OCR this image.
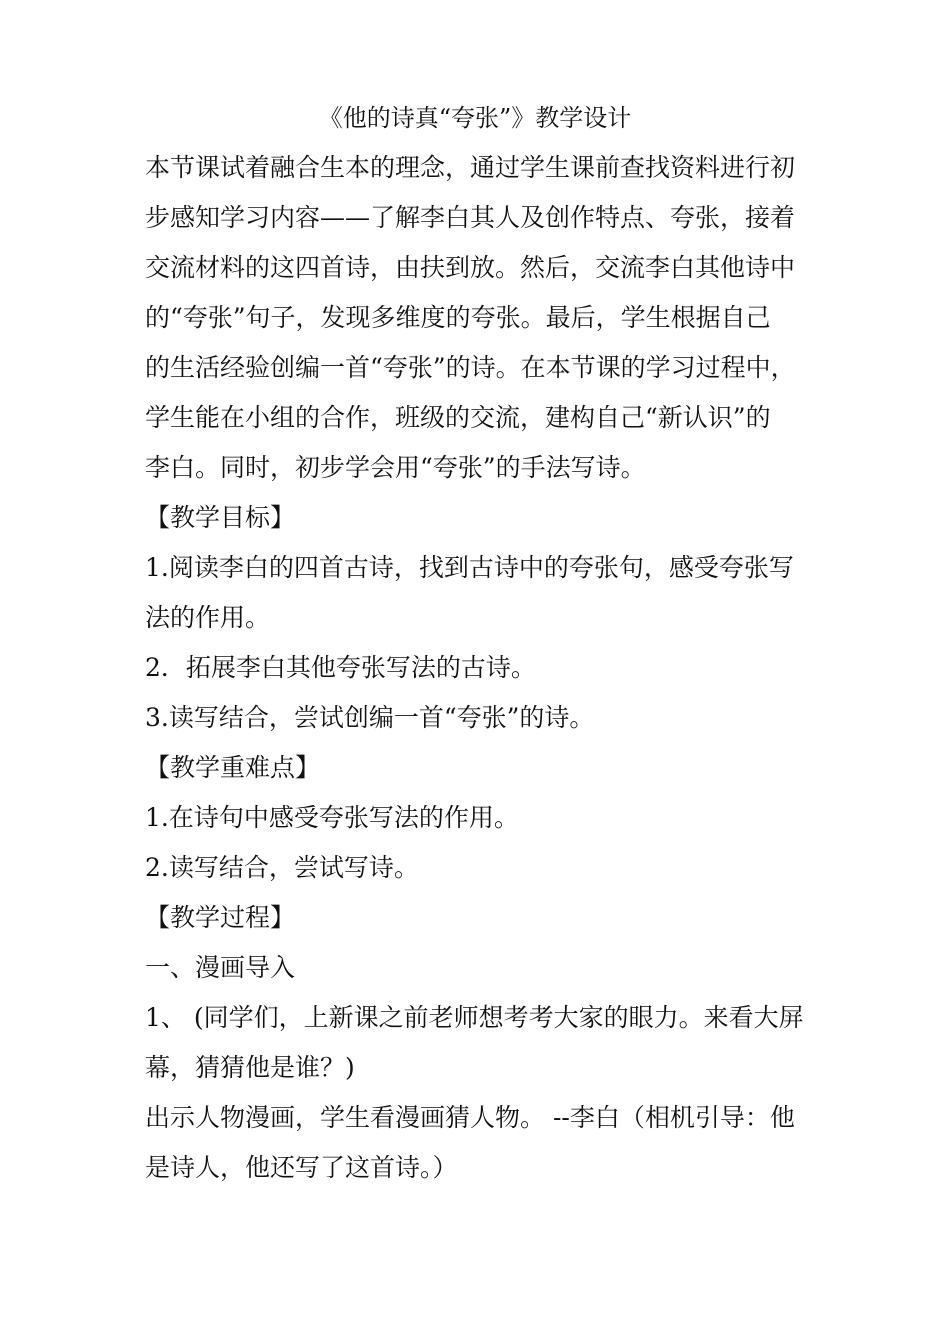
《他的诗真“夸张”》教学设计
本节课试着融合生本的理念，通过学生课前查找资料进行初
步感知学习内容——了解李白其人及创作特点、夸张，接着
交流材料的这四首诗，由扶到放。然后，交流李白其他诗中
的“夸张”句子，发现多维度的夸张。最后，学生根据自己
的生活经验创编一首“夸张”的诗。在本节课的学习过程中，
学生能在小组的合作，班级的交流，建构自己“新认识”的
李白。同时，初步学会用“夸张”的手法写诗。
【教学目标】
1.阅读李白的四首古诗，找到古诗中的夸张句，感受夸张写
法的作用。
2．拓展李白其他夸张写法的古诗。
3.读写结合，尝试创编一首“夸张”的诗。
【教学重难点】
1.在诗句中感受夸张写法的作用。
2.读写结合，尝试写诗。
【教学过程】
一、漫画导入
1、 (同学们，上新课之前老师想考考大家的眼力。来看大屏
幕，猜猜他是谁？)
出示人物漫画，学生看漫画猜人物。 --李白（相机引导：他
是诗人，他还写了这首诗。）
